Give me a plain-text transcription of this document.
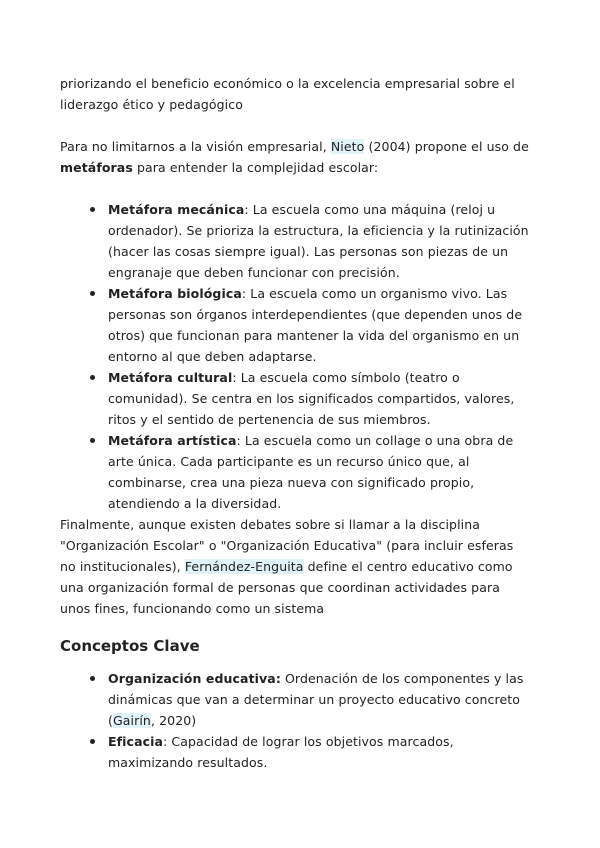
priorizando el beneficio económico o la excelencia empresarial sobre el liderazgo ético y pedagógico

Para no limitarnos a la visión empresarial, Nieto (2004) propone el uso de metáforas para entender la complejidad escolar:

Metáfora mecánica: La escuela como una máquina (reloj u ordenador). Se prioriza la estructura, la eficiencia y la rutinización (hacer las cosas siempre igual). Las personas son piezas de un engranaje que deben funcionar con precisión.
Metáfora biológica: La escuela como un organismo vivo. Las personas son órganos interdependientes (que dependen unos de otros) que funcionan para mantener la vida del organismo en un entorno al que deben adaptarse.
Metáfora cultural: La escuela como símbolo (teatro o comunidad). Se centra en los significados compartidos, valores, ritos y el sentido de pertenencia de sus miembros.
Metáfora artística: La escuela como un collage o una obra de arte única. Cada participante es un recurso único que, al combinarse, crea una pieza nueva con significado propio, atendiendo a la diversidad.

Finalmente, aunque existen debates sobre si llamar a la disciplina "Organización Escolar" o "Organización Educativa" (para incluir esferas no institucionales), Fernández-Enguita define el centro educativo como una organización formal de personas que coordinan actividades para unos fines, funcionando como un sistema

Conceptos Clave
Organización educativa: Ordenación de los componentes y las dinámicas que van a determinar un proyecto educativo concreto (Gairín, 2020)
Eficacia: Capacidad de lograr los objetivos marcados, maximizando resultados.
